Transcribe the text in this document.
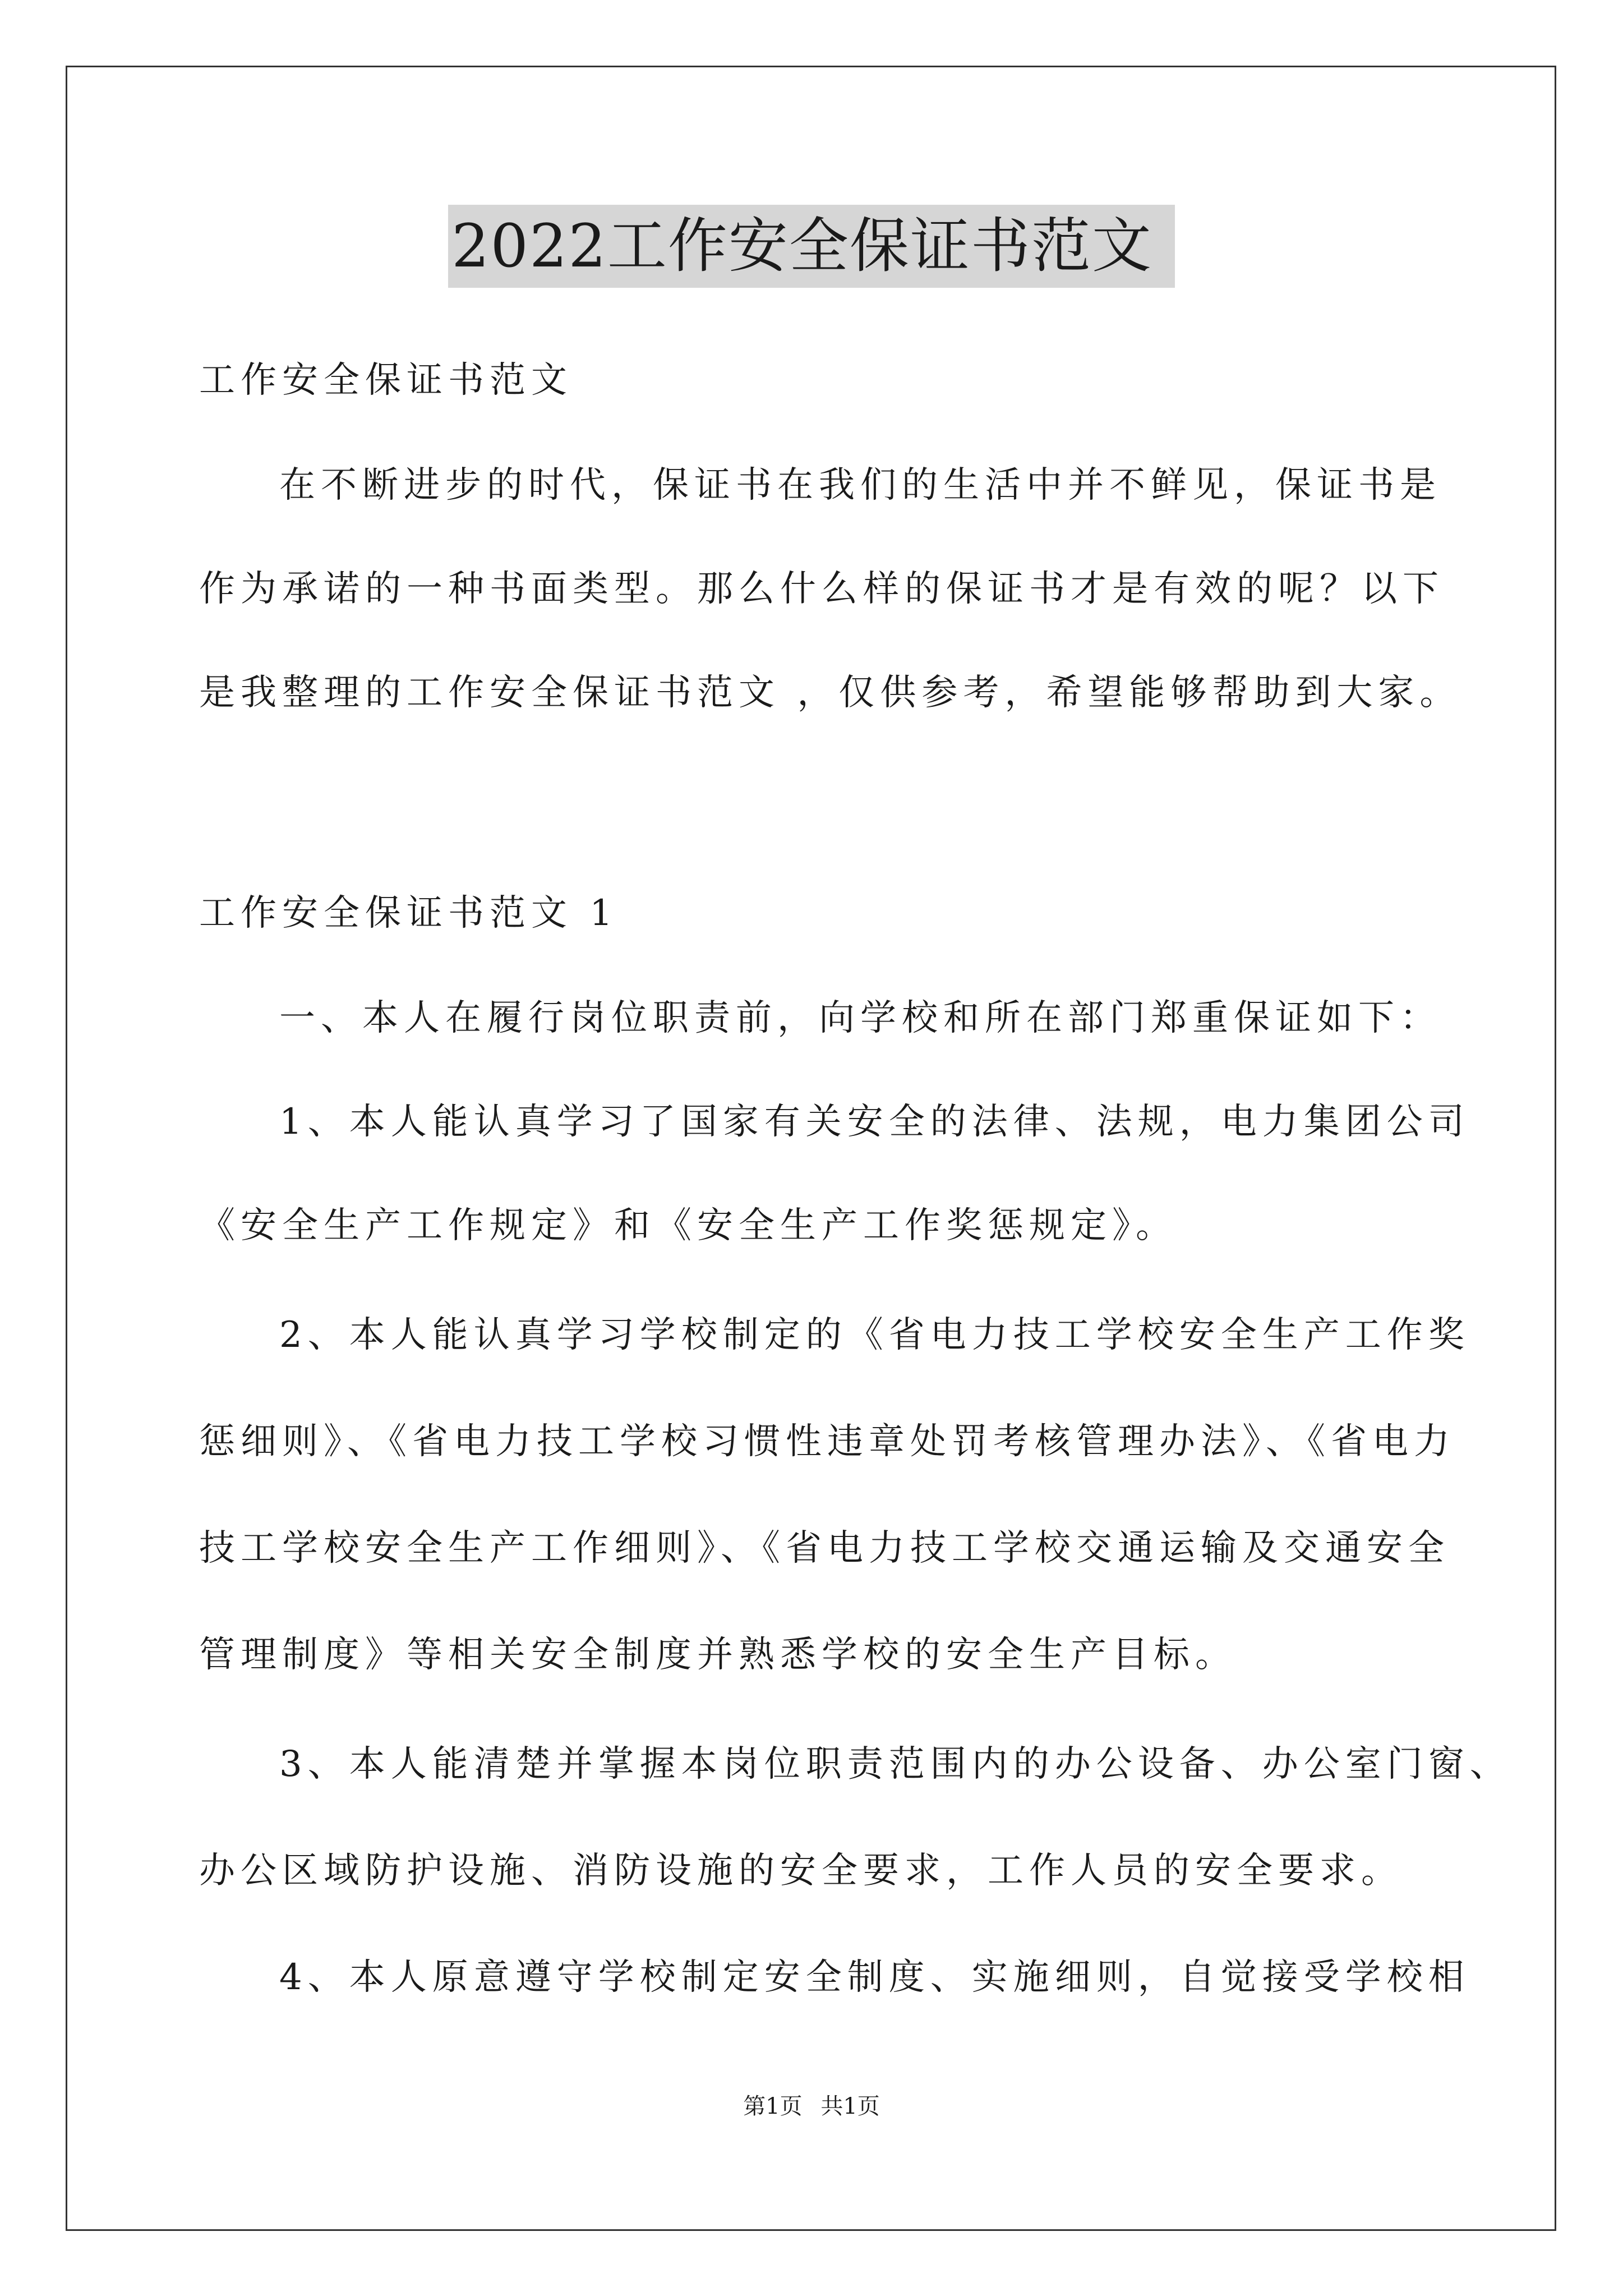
2022工作安全保证书范文
工作安全保证书范文
在不断进步的时代，保证书在我们的生活中并不鲜见，保证书是
作为承诺的一种书面类型。那么什么样的保证书才是有效的呢？以下
是我整理的工作安全保证书范文 ，仅供参考，希望能够帮助到大家。
工作安全保证书范文 1
一、本人在履行岗位职责前，向学校和所在部门郑重保证如下：
1、本人能认真学习了国家有关安全的法律、法规，电力集团公司
《安全生产工作规定》和《安全生产工作奖惩规定》。
2、本人能认真学习学校制定的《省电力技工学校安全生产工作奖
惩细则》、《省电力技工学校习惯性违章处罚考核管理办法》、《省电力
技工学校安全生产工作细则》、《省电力技工学校交通运输及交通安全
管理制度》等相关安全制度并熟悉学校的安全生产目标。
3、本人能清楚并掌握本岗位职责范围内的办公设备、办公室门窗、
办公区域防护设施、消防设施的安全要求，工作人员的安全要求。
4、本人原意遵守学校制定安全制度、实施细则，自觉接受学校相
第1页 共1页
